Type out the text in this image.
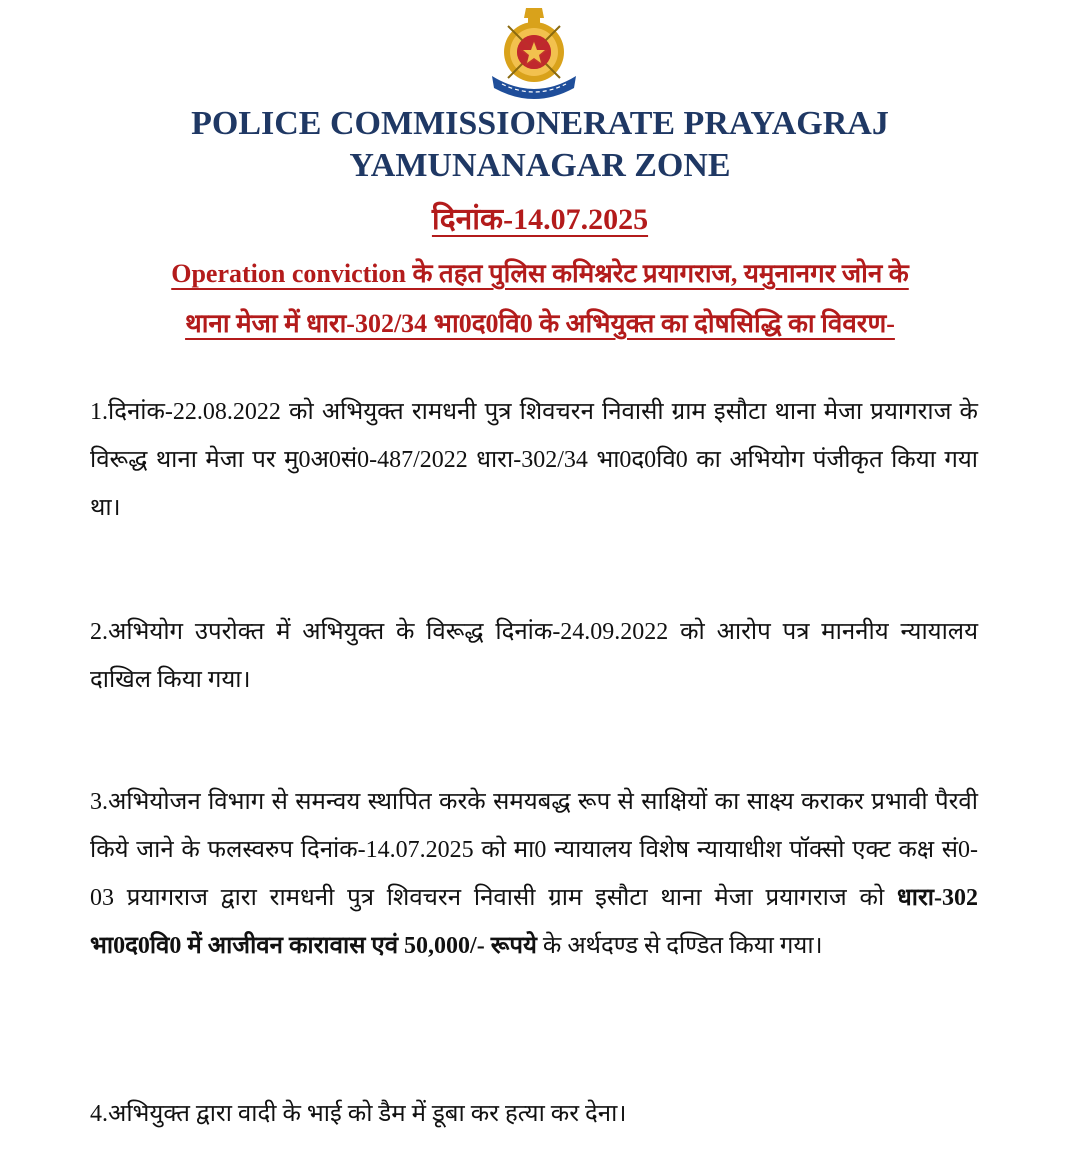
POLICE COMMISSIONERATE PRAYAGRAJ
YAMUNANAGAR ZONE
दिनांक-14.07.2025
Operation conviction के तहत पुलिस कमिश्नरेट प्रयागराज, यमुनानगर जोन के
थाना मेजा में धारा-302/34 भा0द0वि0 के अभियुक्त का दोषसिद्धि का विवरण-
1.दिनांक-22.08.2022 को अभियुक्त रामधनी पुत्र शिवचरन निवासी ग्राम इसौटा थाना मेजा प्रयागराज के विरूद्ध थाना मेजा पर मु0अ0सं0-487/2022 धारा-302/34 भा0द0वि0 का अभियोग पंजीकृत किया गया था।
2.अभियोग उपरोक्त में अभियुक्त के विरूद्ध दिनांक-24.09.2022 को आरोप पत्र माननीय न्यायालय दाखिल किया गया।
3.अभियोजन विभाग से समन्वय स्थापित करके समयबद्ध रूप से साक्षियों का साक्ष्य कराकर प्रभावी पैरवी किये जाने के फलस्वरुप दिनांक-14.07.2025 को मा0 न्यायालय विशेष न्यायाधीश पॉक्सो एक्ट कक्ष सं0-03 प्रयागराज द्वारा रामधनी पुत्र शिवचरन निवासी ग्राम इसौटा थाना मेजा प्रयागराज को धारा-302 भा0द0वि0 में आजीवन कारावास एवं 50,000/- रूपये के अर्थदण्ड से दण्डित किया गया।
4.अभियुक्त द्वारा वादी के भाई को डैम में डूबा कर हत्या कर देना।
